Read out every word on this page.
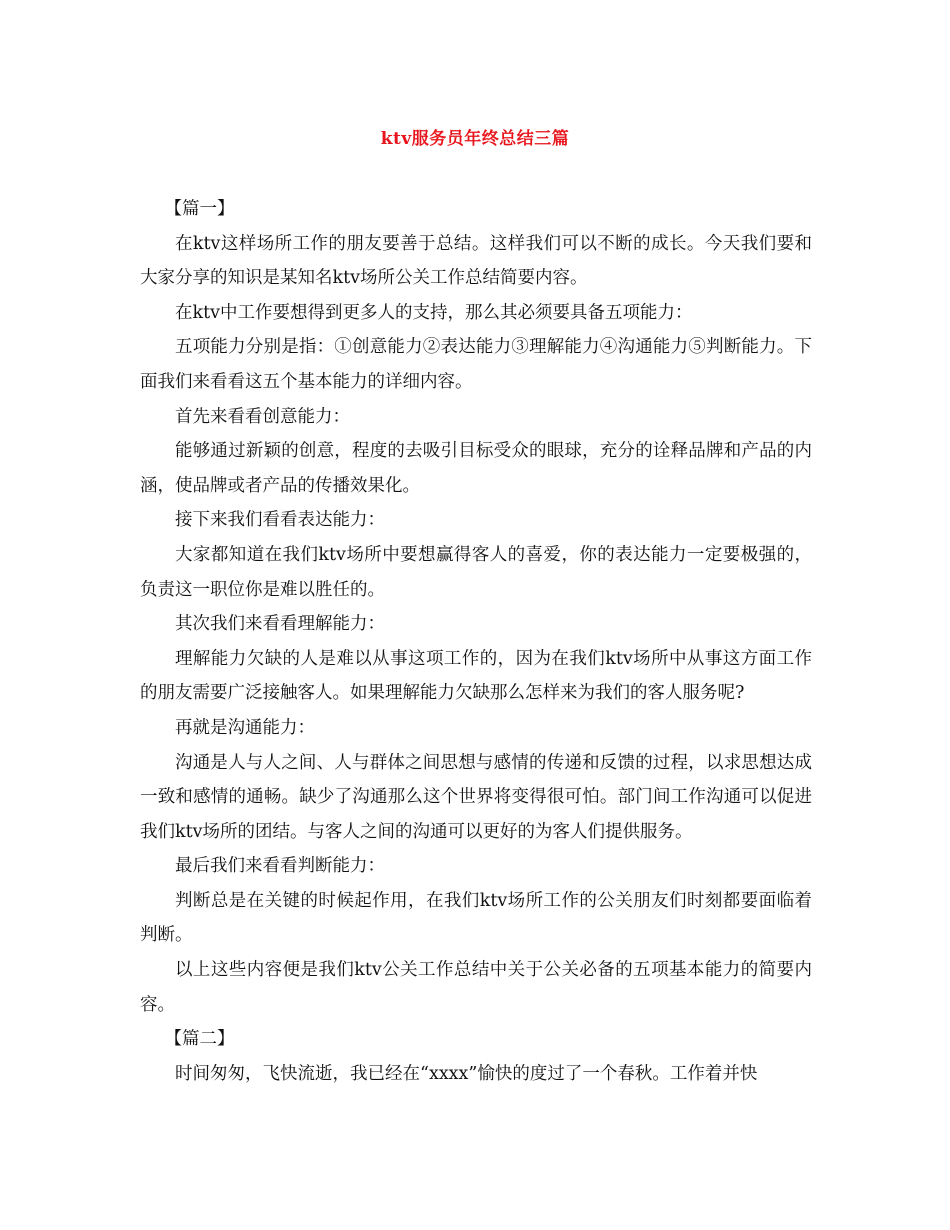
ktv服务员年终总结三篇

【篇一】

在ktv这样场所工作的朋友要善于总结。这样我们可以不断的成长。今天我们要和大家分享的知识是某知名ktv场所公关工作总结简要内容。

在ktv中工作要想得到更多人的支持，那么其必须要具备五项能力：

五项能力分别是指：①创意能力②表达能力③理解能力④沟通能力⑤判断能力。下面我们来看看这五个基本能力的详细内容。

首先来看看创意能力：

能够通过新颖的创意，程度的去吸引目标受众的眼球，充分的诠释品牌和产品的内涵，使品牌或者产品的传播效果化。

接下来我们看看表达能力：

大家都知道在我们ktv场所中要想赢得客人的喜爱，你的表达能力一定要极强的，负责这一职位你是难以胜任的。

其次我们来看看理解能力：

理解能力欠缺的人是难以从事这项工作的，因为在我们ktv场所中从事这方面工作的朋友需要广泛接触客人。如果理解能力欠缺那么怎样来为我们的客人服务呢?

再就是沟通能力：

沟通是人与人之间、人与群体之间思想与感情的传递和反馈的过程，以求思想达成一致和感情的通畅。缺少了沟通那么这个世界将变得很可怕。部门间工作沟通可以促进我们ktv场所的团结。与客人之间的沟通可以更好的为客人们提供服务。

最后我们来看看判断能力：

判断总是在关键的时候起作用，在我们ktv场所工作的公关朋友们时刻都要面临着判断。

以上这些内容便是我们ktv公关工作总结中关于公关必备的五项基本能力的简要内容。

【篇二】

时间匆匆，飞快流逝，我已经在“xxxx”愉快的度过了一个春秋。工作着并快
